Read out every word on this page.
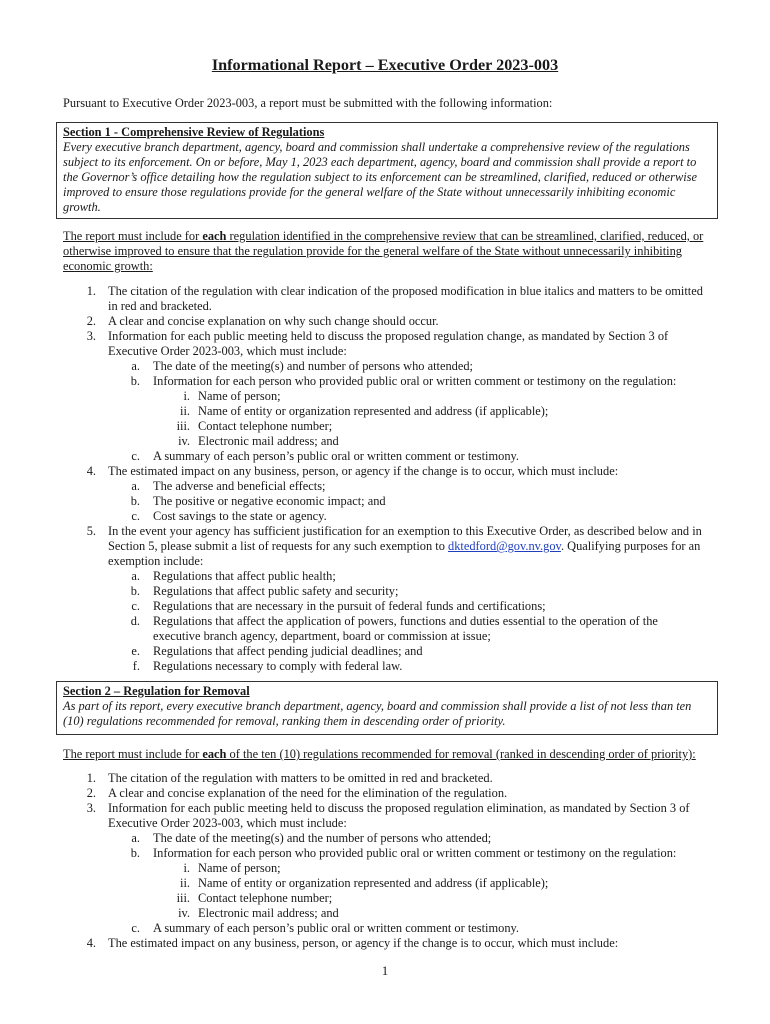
Informational Report – Executive Order 2023-003
Pursuant to Executive Order 2023-003, a report must be submitted with the following information:
Section 1 - Comprehensive Review of Regulations
Every executive branch department, agency, board and commission shall undertake a comprehensive review of the regulations subject to its enforcement. On or before, May 1, 2023 each department, agency, board and commission shall provide a report to the Governor’s office detailing how the regulation subject to its enforcement can be streamlined, clarified, reduced or otherwise improved to ensure those regulations provide for the general welfare of the State without unnecessarily inhibiting economic growth.
The report must include for each regulation identified in the comprehensive review that can be streamlined, clarified, reduced, or otherwise improved to ensure that the regulation provide for the general welfare of the State without unnecessarily inhibiting economic growth:
1. The citation of the regulation with clear indication of the proposed modification in blue italics and matters to be omitted in red and bracketed.
2. A clear and concise explanation on why such change should occur.
3. Information for each public meeting held to discuss the proposed regulation change, as mandated by Section 3 of Executive Order 2023-003, which must include:
a. The date of the meeting(s) and number of persons who attended;
b. Information for each person who provided public oral or written comment or testimony on the regulation:
i. Name of person;
ii. Name of entity or organization represented and address (if applicable);
iii. Contact telephone number;
iv. Electronic mail address; and
c. A summary of each person’s public oral or written comment or testimony.
4. The estimated impact on any business, person, or agency if the change is to occur, which must include:
a. The adverse and beneficial effects;
b. The positive or negative economic impact; and
c. Cost savings to the state or agency.
5. In the event your agency has sufficient justification for an exemption to this Executive Order, as described below and in Section 5, please submit a list of requests for any such exemption to dktedford@gov.nv.gov. Qualifying purposes for an exemption include:
a. Regulations that affect public health;
b. Regulations that affect public safety and security;
c. Regulations that are necessary in the pursuit of federal funds and certifications;
d. Regulations that affect the application of powers, functions and duties essential to the operation of the executive branch agency, department, board or commission at issue;
e. Regulations that affect pending judicial deadlines; and
f. Regulations necessary to comply with federal law.
Section 2 – Regulation for Removal
As part of its report, every executive branch department, agency, board and commission shall provide a list of not less than ten (10) regulations recommended for removal, ranking them in descending order of priority.
The report must include for each of the ten (10) regulations recommended for removal (ranked in descending order of priority):
1. The citation of the regulation with matters to be omitted in red and bracketed.
2. A clear and concise explanation of the need for the elimination of the regulation.
3. Information for each public meeting held to discuss the proposed regulation elimination, as mandated by Section 3 of Executive Order 2023-003, which must include:
a. The date of the meeting(s) and the number of persons who attended;
b. Information for each person who provided public oral or written comment or testimony on the regulation:
i. Name of person;
ii. Name of entity or organization represented and address (if applicable);
iii. Contact telephone number;
iv. Electronic mail address; and
c. A summary of each person’s public oral or written comment or testimony.
4. The estimated impact on any business, person, or agency if the change is to occur, which must include:
1
